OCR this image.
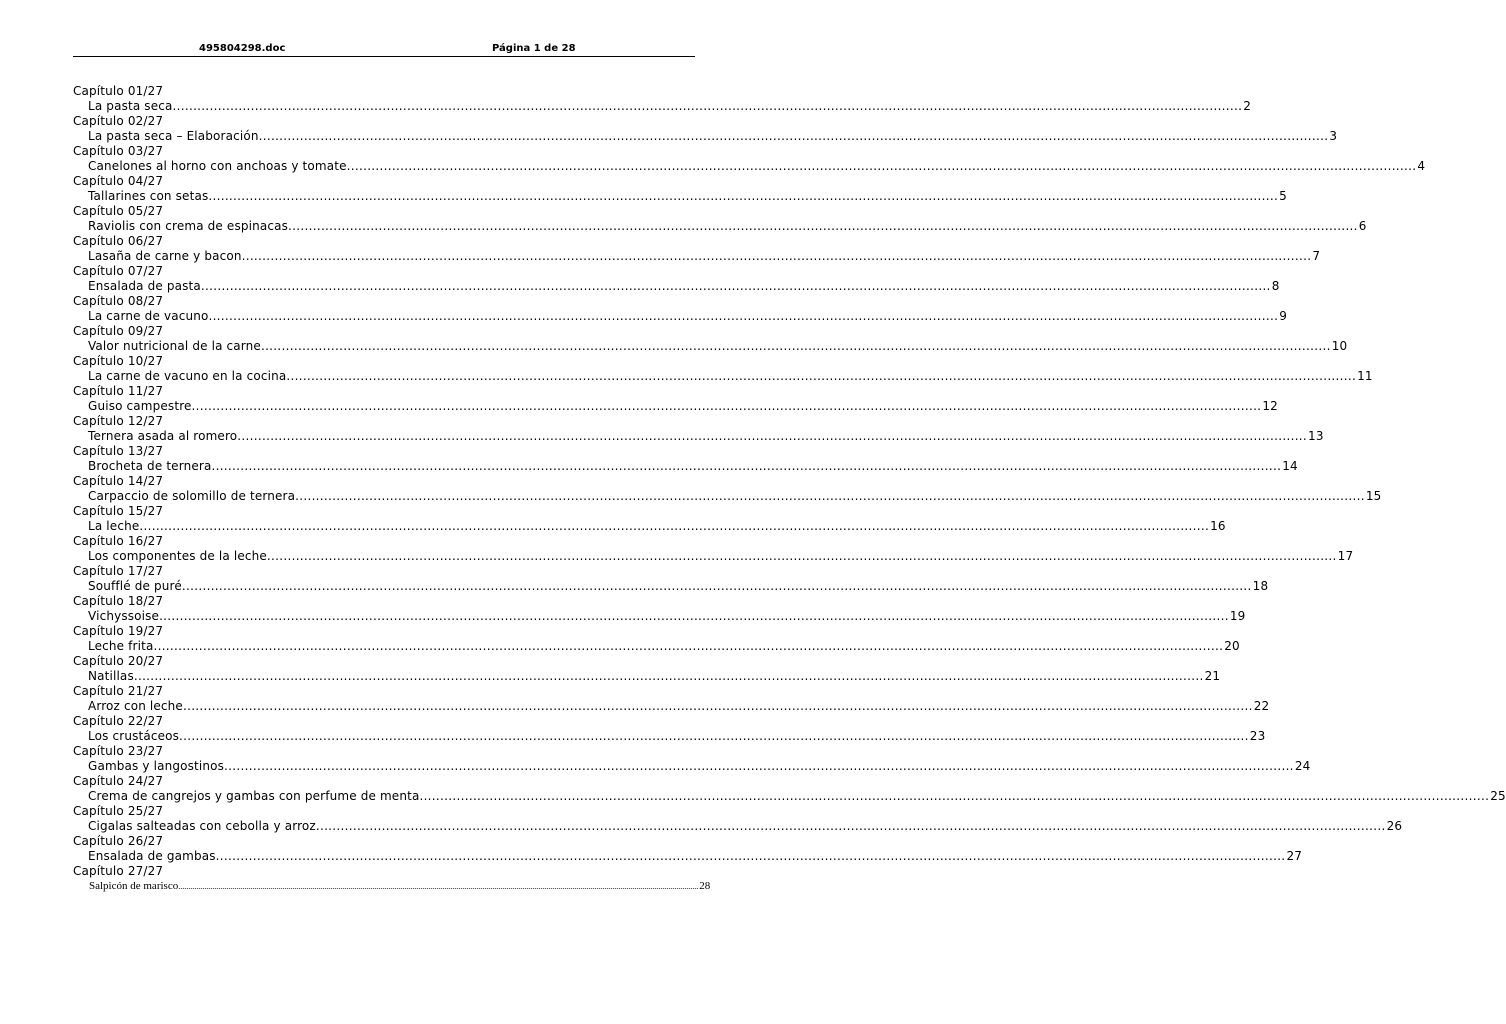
495804298.doc	Página 1 de 28
Capítulo 01/27
La pasta seca .................................................................................................................................................................................................................................................................... 2
Capítulo 02/27
La pasta seca – Elaboración .................................................................................................................................................................................................................................................................... 3
Capítulo 03/27
Canelones al horno con anchoas y tomate .................................................................................................................................................................................................................................................................... 4
Capítulo 04/27
Tallarines con setas .................................................................................................................................................................................................................................................................... 5
Capítulo 05/27
Raviolis con crema de espinacas .................................................................................................................................................................................................................................................................... 6
Capítulo 06/27
Lasaña de carne y bacon .................................................................................................................................................................................................................................................................... 7
Capítulo 07/27
Ensalada de pasta .................................................................................................................................................................................................................................................................... 8
Capítulo 08/27
La carne de vacuno .................................................................................................................................................................................................................................................................... 9
Capítulo 09/27
Valor nutricional de la carne .................................................................................................................................................................................................................................................................... 10
Capítulo 10/27
La carne de vacuno en la cocina .................................................................................................................................................................................................................................................................... 11
Capítulo 11/27
Guiso campestre .................................................................................................................................................................................................................................................................... 12
Capítulo 12/27
Ternera asada al romero .................................................................................................................................................................................................................................................................... 13
Capítulo 13/27
Brocheta de ternera .................................................................................................................................................................................................................................................................... 14
Capítulo 14/27
Carpaccio de solomillo de ternera .................................................................................................................................................................................................................................................................... 15
Capítulo 15/27
La leche .................................................................................................................................................................................................................................................................... 16
Capítulo 16/27
Los componentes de la leche .................................................................................................................................................................................................................................................................... 17
Capítulo 17/27
Soufflé de puré .................................................................................................................................................................................................................................................................... 18
Capítulo 18/27
Vichyssoise .................................................................................................................................................................................................................................................................... 19
Capítulo 19/27
Leche frita .................................................................................................................................................................................................................................................................... 20
Capítulo 20/27
Natillas .................................................................................................................................................................................................................................................................... 21
Capítulo 21/27
Arroz con leche .................................................................................................................................................................................................................................................................... 22
Capítulo 22/27
Los crustáceos .................................................................................................................................................................................................................................................................... 23
Capítulo 23/27
Gambas y langostinos .................................................................................................................................................................................................................................................................... 24
Capítulo 24/27
Crema de cangrejos y gambas con perfume de menta .................................................................................................................................................................................................................................................................... 25
Capítulo 25/27
Cigalas salteadas con cebolla y arroz .................................................................................................................................................................................................................................................................... 26
Capítulo 26/27
Ensalada de gambas .................................................................................................................................................................................................................................................................... 27
Capítulo 27/27
Salpicón de marisco .................................................................................................................................................................................................................................................................... 28
